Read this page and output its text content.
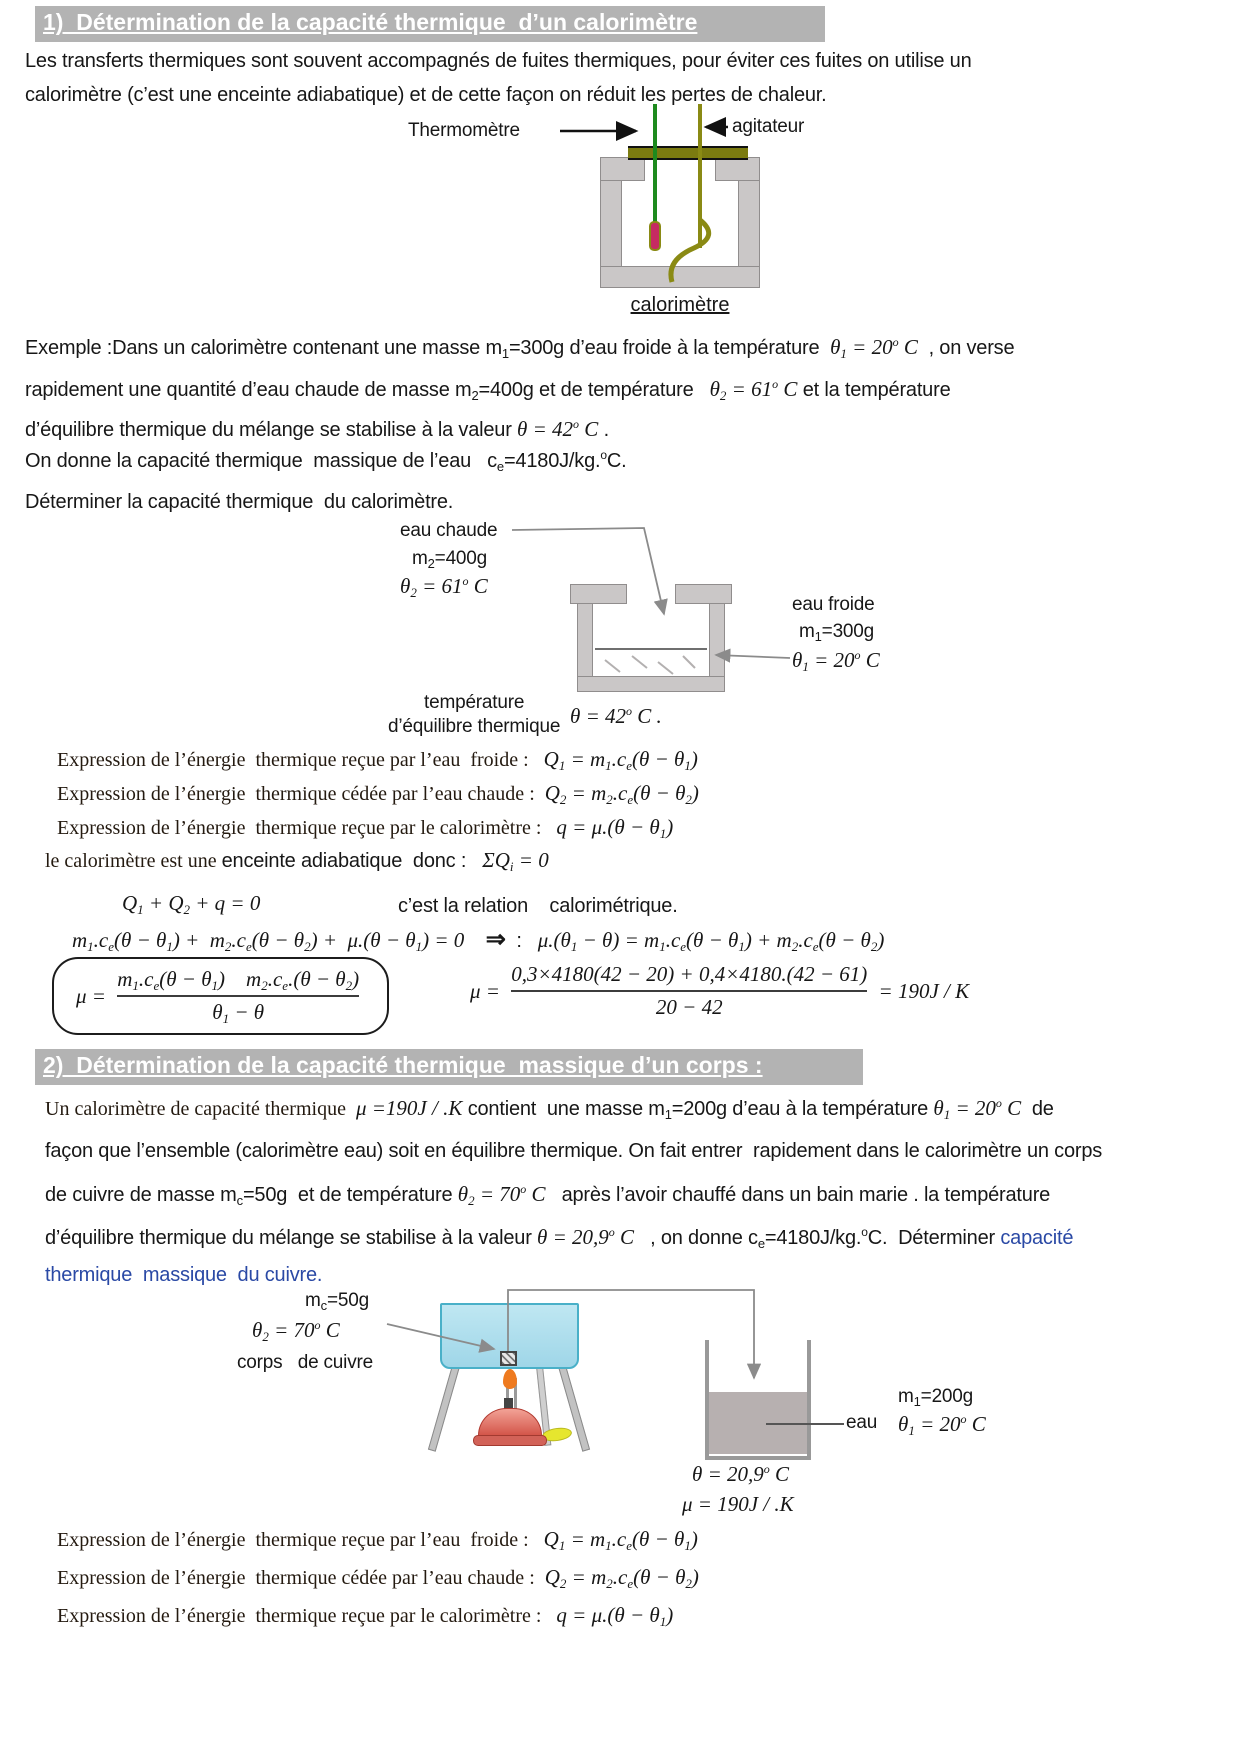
1)  Détermination de la capacité thermique  d’un calorimètre
Les transferts thermiques sont souvent accompagnés de fuites thermiques, pour éviter ces fuites on utilise un
calorimètre (c’est une enceinte adiabatique) et de cette façon on réduit les pertes de chaleur.
Thermomètre	agitateur
calorimètre
Exemple :Dans un calorimètre contenant une masse $m_1=300g$ d’eau froide à la température  $\theta_1 = 20^o$ C  , on verse
rapidement une quantité d’eau chaude de masse $m_2=400g$ et de température   $\theta_2 = 61^o$ C et la température
d’équilibre thermique du mélange se stabilise à la valeur $\theta = 42^o$ C .
On donne la capacité thermique  massique de l’eau   $c_e=4180J/kg.^oC$.
Déterminer la capacité thermique  du calorimètre.
eau chaude
$m_2=400g$
$\theta_2 = 61^o$ C
eau froide
$m_1=300g$
$\theta_1 = 20^o$ C
température
d’équilibre thermique $\theta = 42^o$ C .
Expression de l’énergie  thermique reçue par l’eau  froide :   $Q_1 = m_1.c_e(\theta - \theta_1)$
Expression de l’énergie  thermique cédée par l’eau chaude :  $Q_2 = m_2.c_e(\theta - \theta_2)$
Expression de l’énergie  thermique reçue par le calorimètre :   $q = \mu.(\theta - \theta_1)$
le calorimètre est une enceinte adiabatique  donc :   $\Sigma Q_i = 0$
$Q_1 + Q_2 + q = 0$	c’est la relation    calorimétrique.
$m_1.c_e(\theta - \theta_1) + m_2.c_e(\theta - \theta_2) + \mu.(\theta - \theta_1) = 0$ ⇒  :   $\mu.(\theta_1 - \theta) = m_1.c_e(\theta - \theta_1) + m_2.c_e(\theta - \theta_2)$
$\mu = \frac{m_1.c_e(\theta - \theta_1) m_2.c_e.(\theta - \theta_2)}{\theta_1 - \theta}$	$\mu = \frac{0,3\times 4180(42 - 20) + 0,4\times 4180.(42 - 61)}{20 - 42} = 190J / K$
2)  Détermination de la capacité thermique  massique d’un corps :
Un calorimètre de capacité thermique  μ =190J / .K contient  une masse $m_1=200g$ d’eau à la température $\theta_1 = 20^o$ C  de
façon que l’ensemble (calorimètre eau) soit en équilibre thermique. On fait entrer  rapidement dans le calorimètre un corps
de cuivre de masse $m_c=50g$  et de température $\theta_2 = 70^o$ C   après l’avoir chauffé dans un bain marie . la température
d’équilibre thermique du mélange se stabilise à la valeur $\theta = 20,9^o$ C   , on donne $c_e=4180J/kg.^oC$.  Déterminer capacité
thermique  massique  du cuivre.
$m_c=50g$
$\theta_2 = 70^o$ C
corps   de cuivre
eau
$m_1=200g$
$\theta_1 = 20^o$ C
$\theta = 20,9^o$ C
μ = 190J / .K
Expression de l’énergie  thermique reçue par l’eau  froide :   $Q_1 = m_1.c_e(\theta - \theta_1)$
Expression de l’énergie  thermique cédée par l’eau chaude :  $Q_2 = m_2.c_e(\theta - \theta_2)$
Expression de l’énergie  thermique reçue par le calorimètre :   $q = \mu.(\theta - \theta_1)$
